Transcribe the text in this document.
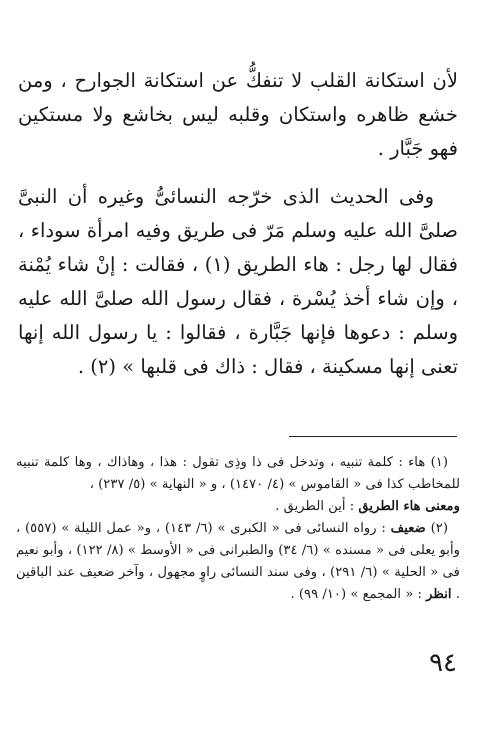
لأن استكانة القلب لا تنفكُّ عن استكانة الجوارح ، ومن خشع ظاهره واستكان وقلبه ليس بخاشع ولا مستكين فهو جَبَّار .

وفى الحديث الذى خرّجه النسائىُّ وغيره أن النبىَّ صلىَّ الله عليه وسلم مَرّ فى طريق وفيه امرأة سوداء ، فقال لها رجل : هاء الطريق (١) ، فقالت : إنْ شاء يُمْنة ، وإن شاء أخذ يُسْرة ، فقال رسول الله صلىَّ الله عليه وسلم : دعوها فإنها جَبَّارة ، فقالوا : يا رسول الله إنها تعنى إنها مسكينة ، فقال : ذاك فى قلبها » (٢) .

(١) هاء : كلمة تنبيه ، وتدخل فى ذا وذِى تقول : هذا ، وهاذاك ، وها كلمة تنبيه للمخاطب كذا فى « القاموس » (٤/ ١٤٧٠) ، و « النهاية » (٥/ ٢٣٧) ،

ومعنى هاء الطريق : أين الطريق .

(٢) ضعيف : رواه النسائى فى « الكبرى » (٦/ ١٤٣) ، و« عمل الليلة » (٥٥٧) ، وأبو يعلى فى « مسنده » (٦/ ٣٤) والطبرانى فى « الأوسط » (٨/ ١٢٢) ، وأبو نعيم فى « الحلية » (٦/ ٢٩١) ، وفى سند النسائى راوٍ مجهول ، وآخر ضعيف عند الباقين . انظر : « المجمع » (١٠/ ٩٩) .

٩٤
